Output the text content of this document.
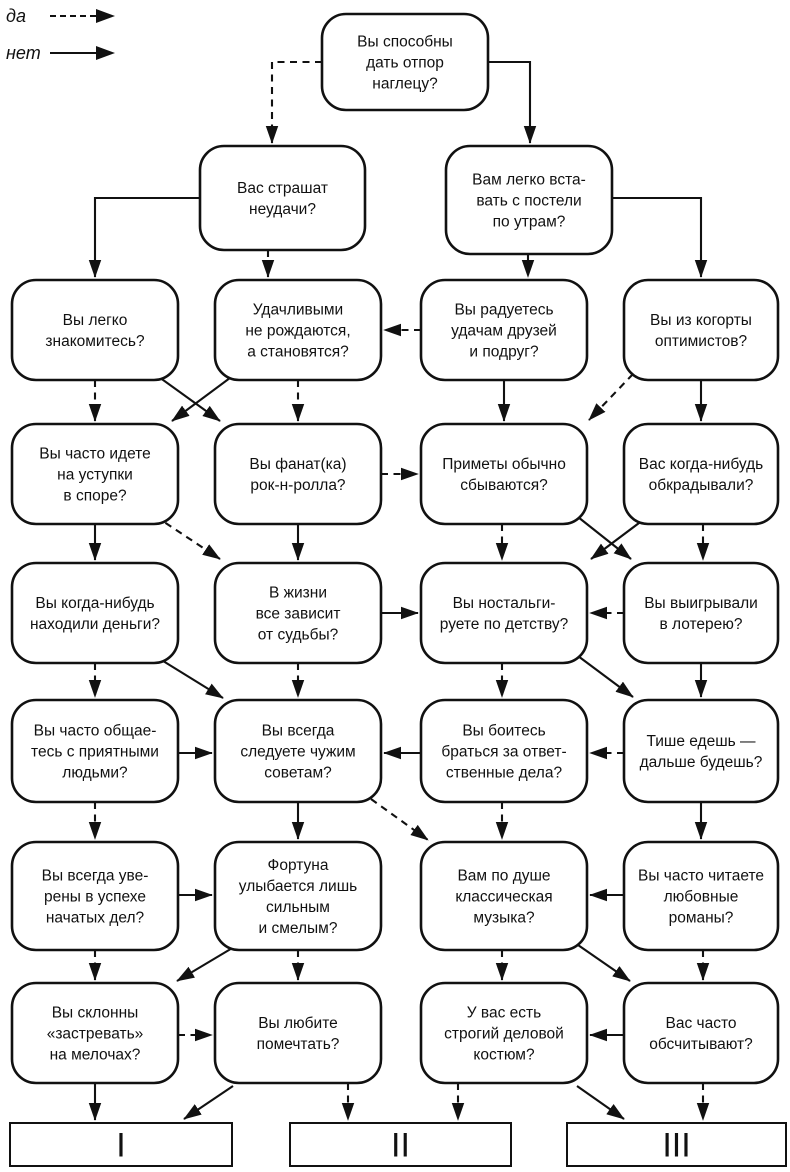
да
нет
Вы способны дать отпор наглецу?
Вас страшат неудачи?
Вам легко вста-вать с постели по утрам?
Вы легко знакомитесь?
Удачливыми не рождаются, а становятся?
Вы радуетесь удачам друзей и подруг?
Вы из когорты оптимистов?
Вы часто идете на уступки в споре?
Вы фанат(ка) рок-н-ролла?
Приметы обычно сбываются?
Вас когда-нибудь обкрадывали?
Вы когда-нибудь находили деньги?
В жизни все зависит от судьбы?
Вы ностальги-руете по детству?
Вы выигрывали в лотерею?
Вы часто общае-тесь с приятными людьми?
Вы всегда следуете чужим советам?
Вы боитесь браться за ответ-ственные дела?
Тише едешь — дальше будешь?
Вы всегда уве-рены в успехе начатых дел?
Фортуна улыбается лишь сильным и смелым?
Вам по душе классическая музыка?
Вы часто читаете любовные романы?
Вы склонны «застревать» на мелочах?
Вы любите помечтать?
У вас есть строгий деловой костюм?
Вас часто обсчитывают?
I	II	III
